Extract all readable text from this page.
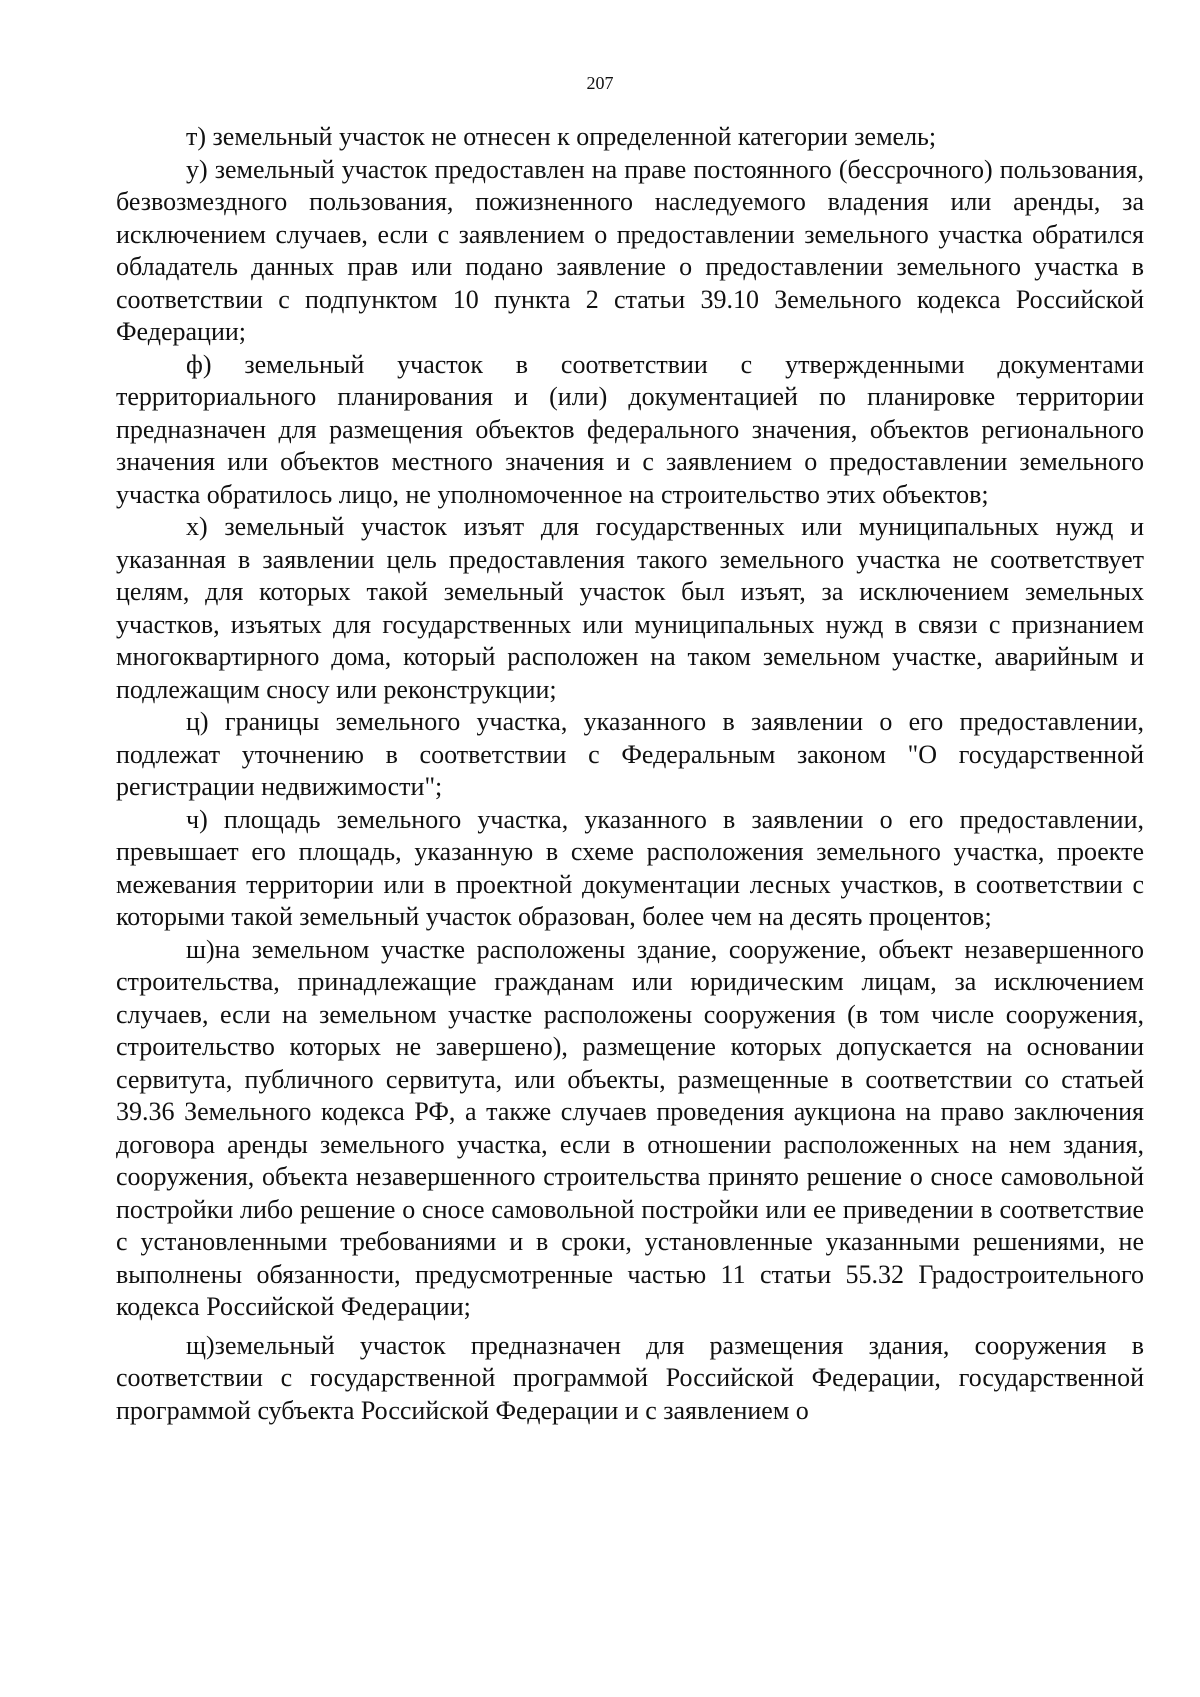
207

т) земельный участок не отнесен к определенной категории земель;

у) земельный участок предоставлен на праве постоянного (бессрочного) пользования, безвозмездного пользования, пожизненного наследуемого владения или аренды, за исключением случаев, если с заявлением о предоставлении земельного участка обратился обладатель данных прав или подано заявление о предоставлении земельного участка в соответствии с подпунктом 10 пункта 2 статьи 39.10 Земельного кодекса Российской Федерации;

ф) земельный участок в соответствии с утвержденными документами территориального планирования и (или) документацией по планировке территории предназначен для размещения объектов федерального значения, объектов регионального значения или объектов местного значения и с заявлением о предоставлении земельного участка обратилось лицо, не уполномоченное на строительство этих объектов;

х) земельный участок изъят для государственных или муниципальных нужд и указанная в заявлении цель предоставления такого земельного участка не соответствует целям, для которых такой земельный участок был изъят, за исключением земельных участков, изъятых для государственных или муниципальных нужд в связи с признанием многоквартирного дома, который расположен на таком земельном участке, аварийным и подлежащим сносу или реконструкции;

ц) границы земельного участка, указанного в заявлении о его предоставлении, подлежат уточнению в соответствии с Федеральным законом "О государственной регистрации недвижимости";

ч) площадь земельного участка, указанного в заявлении о его предоставлении, превышает его площадь, указанную в схеме расположения земельного участка, проекте межевания территории или в проектной документации лесных участков, в соответствии с которыми такой земельный участок образован, более чем на десять процентов;

ш)на земельном участке расположены здание, сооружение, объект незавершенного строительства, принадлежащие гражданам или юридическим лицам, за исключением случаев, если на земельном участке расположены сооружения (в том числе сооружения, строительство которых не завершено), размещение которых допускается на основании сервитута, публичного сервитута, или объекты, размещенные в соответствии со статьей 39.36 Земельного кодекса РФ, а также случаев проведения аукциона на право заключения договора аренды земельного участка, если в отношении расположенных на нем здания, сооружения, объекта незавершенного строительства принято решение о сносе самовольной постройки либо решение о сносе самовольной постройки или ее приведении в соответствие с установленными требованиями и в сроки, установленные указанными решениями, не выполнены обязанности, предусмотренные частью 11 статьи 55.32 Градостроительного кодекса Российской Федерации;

щ)земельный участок предназначен для размещения здания, сооружения в соответствии с государственной программой Российской Федерации, государственной программой субъекта Российской Федерации и с заявлением о
